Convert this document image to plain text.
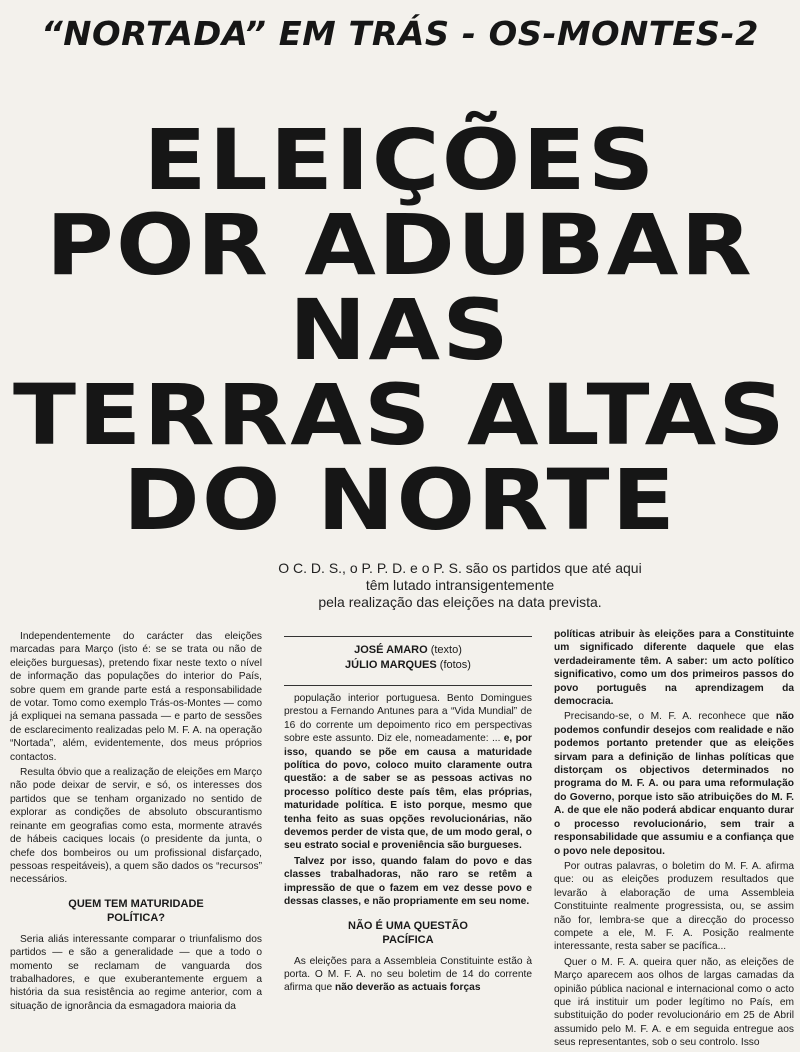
“NORTADA” EM TRÁS - OS-MONTES-2
ELEIÇÕES
POR ADUBAR
NAS
TERRAS ALTAS
DO NORTE
O C. D. S., o P. P. D. e o P. S. são os partidos que até aqui
têm lutado intransigentemente
pela realização das eleições na data prevista.

Independentemente do carácter das eleições marcadas para Março (isto é: se se trata ou não de eleições burguesas), pretendo fixar neste texto o nível de informação das populações do interior do País, sobre quem em grande parte está a responsabilidade de votar. Tomo como exemplo Trás-os-Montes — como já expliquei na semana passada — e parto de sessões de esclarecimento realizadas pelo M. F. A. na operação “Nortada”, além, evidentemente, dos meus próprios contactos.

Resulta óbvio que a realização de eleições em Março não pode deixar de servir, e só, os interesses dos partidos que se tenham organizado no sentido de explorar as condições de absoluto obscurantismo reinante em geografias como esta, mormente através de hábeis caciques locais (o presidente da junta, o chefe dos bombeiros ou um profissional disfarçado, pessoas respeitáveis), a quem são dados os “recursos” necessários.

QUEM TEM MATURIDADE
POLÍTICA?

Seria aliás interessante comparar o triunfalismo dos partidos — e são a generalidade — que a todo o momento se reclamam de vanguarda dos trabalhadores, e que exuberantemente erguem a história da sua resistência ao regime anterior, com a situação de ignorância da esmagadora maioria da

JOSÉ AMARO (texto)
JÚLIO MARQUES (fotos)

população interior portuguesa. Bento Domingues prestou a Fernando Antunes para a “Vida Mundial” de 16 do corrente um depoimento rico em perspectivas sobre este assunto. Diz ele, nomeadamente: ... e, por isso, quando se põe em causa a maturidade política do povo, coloco muito claramente outra questão: a de saber se as pessoas activas no processo político deste país têm, elas próprias, maturidade política. E isto porque, mesmo que tenha feito as suas opções revolucionárias, não devemos perder de vista que, de um modo geral, o seu estrato social e proveniência são burgueses.

Talvez por isso, quando falam do povo e das classes trabalhadoras, não raro se retêm a impressão de que o fazem em vez desse povo e dessas classes, e não propriamente em seu nome.

NÃO É UMA QUESTÃO
PACÍFICA

As eleições para a Assembleia Constituinte estão à porta. O M. F. A. no seu boletim de 14 do corrente afirma que não deverão as actuais forças

políticas atribuir às eleições para a Constituinte um significado diferente daquele que elas verdadeiramente têm. A saber: um acto político significativo, como um dos primeiros passos do povo português na aprendizagem da democracia.

Precisando-se, o M. F. A. reconhece que não podemos confundir desejos com realidade e não podemos portanto pretender que as eleições sirvam para a definição de linhas políticas que distorçam os objectivos determinados no programa do M. F. A. ou para uma reformulação do Governo, porque isto são atribuições do M. F. A. de que ele não poderá abdicar enquanto durar o processo revolucionário, sem trair a responsabilidade que assumiu e a confiança que o povo nele depositou.

Por outras palavras, o boletim do M. F. A. afirma que: ou as eleições produzem resultados que levarão à elaboração de uma Assembleia Constituinte realmente progressista, ou, se assim não for, lembra-se que a direcção do processo compete a ele, M. F. A. Posição realmente interessante, resta saber se pacífica...

Quer o M. F. A. queira quer não, as eleições de Março aparecem aos olhos de largas camadas da opinião pública nacional e internacional como o acto que irá instituir um poder legítimo no País, em substituição do poder revolucionário em 25 de Abril assumido pelo M. F. A. e em seguida entregue aos seus representantes, sob o seu controlo. Isso
